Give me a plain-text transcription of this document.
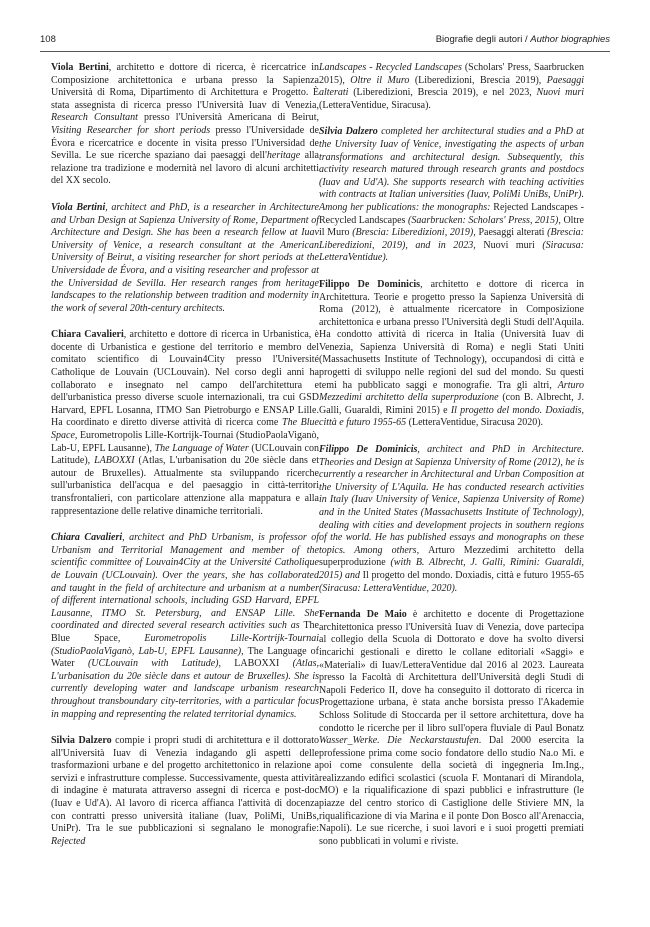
108	Biografie degli autori / Author biographies

Viola Bertini, architetto e dottore di ricerca, è ricercatrice in Composizione architettonica e urbana presso la Sapienza Università di Roma, Dipartimento di Architettura e Progetto. È stata assegnista di ricerca presso l'Università Iuav di Venezia, Research Consultant presso l'Università Americana di Beirut, Visiting Researcher for short periods presso l'Universidade de Évora e ricercatrice e docente in visita presso l'Universidad de Sevilla. Le sue ricerche spaziano dai paesaggi dell'heritage alla relazione tra tradizione e modernità nel lavoro di alcuni architetti del XX secolo.

Viola Bertini, architect and PhD, is a researcher in Architecture and Urban Design at Sapienza University of Rome, Department of Architecture and Design. She has been a research fellow at Iuav University of Venice, a research consultant at the American University of Beirut, a visiting researcher for short periods at the Universidade de Évora, and a visiting researcher and professor at the Universidad de Sevilla. Her research ranges from heritage landscapes to the relationship between tradition and modernity in the work of several 20th-century architects.

Chiara Cavalieri, architetto e dottore di ricerca in Urbanistica, è docente di Urbanistica e gestione del territorio e membro del comitato scientifico di Louvain4City presso l'Université Catholique de Louvain (UCLouvain). Nel corso degli anni ha collaborato e insegnato nel campo dell'architettura e dell'urbanistica presso diverse scuole internazionali, tra cui GSD Harvard, EPFL Losanna, ITMO San Pietroburgo e ENSAP Lille. Ha coordinato e diretto diverse attività di ricerca come The Blue Space, Eurometropolis Lille-Kortrijk-Tournai (StudioPaolaViganò, Lab-U, EPFL Lausanne), The Language of Water (UCLouvain con Latitude), LABOXXI (Atlas, L'urbanisation du 20e siècle dans et autour de Bruxelles). Attualmente sta sviluppando ricerche sull'urbanistica dell'acqua e del paesaggio in città-territori transfrontalieri, con particolare attenzione alla mappatura e alla rappresentazione delle relative dinamiche territoriali.

Chiara Cavalieri, architect and PhD Urbanism, is professor of Urbanism and Territorial Management and member of the scientific committee of Louvain4City at the Université Catholique de Louvain (UCLouvain). Over the years, she has collaborated and taught in the field of architecture and urbanism at a number of different international schools, including GSD Harvard, EPFL Lausanne, ITMO St. Petersburg, and ENSAP Lille. She coordinated and directed several research activities such as The Blue Space, Eurometropolis Lille-Kortrijk-Tournai (StudioPaolaViganò, Lab-U, EPFL Lausanne), The Language of Water (UCLouvain with Latitude), LABOXXI (Atlas, L'urbanisation du 20e siècle dans et autour de Bruxelles). She is currently developing water and landscape urbanism research throughout transboundary city-territories, with a particular focus in mapping and representing the related territorial dynamics.

Silvia Dalzero compie i propri studi di architettura e il dottorato all'Università Iuav di Venezia indagando gli aspetti delle trasformazioni urbane e del progetto architettonico in relazione a servizi e infrastrutture complesse. Successivamente, questa attività di indagine è maturata attraverso assegni di ricerca e post-doc (Iuav e Ud'A). Al lavoro di ricerca affianca l'attività di docenza con contratti presso università italiane (Iuav, PoliMi, UniBs, UniPr). Tra le sue pubblicazioni si segnalano le monografie: Rejected

Landscapes - Recycled Landscapes (Scholars' Press, Saarbrucken 2015), Oltre il Muro (Liberedizioni, Brescia 2019), Paesaggi alterati (Liberedizioni, Brescia 2019), e nel 2023, Nuovi muri (LetteraVentidue, Siracusa).

Silvia Dalzero completed her architectural studies and a PhD at the University Iuav of Venice, investigating the aspects of urban transformations and architectural design. Subsequently, this activity research matured through research grants and postdocs (Iuav and Ud'A). She supports research with teaching activities with contracts at Italian universities (Iuav, PoliMi UniBs, UniPr). Among her publications: the monographs: Rejected Landscapes - Recycled Landscapes (Saarbrucken: Scholars' Press, 2015), Oltre il Muro (Brescia: Liberedizioni, 2019), Paesaggi alterati (Brescia: Liberedizioni, 2019), and in 2023, Nuovi muri (Siracusa: LetteraVentidue).

Filippo De Dominicis, architetto e dottore di ricerca in Architettura. Teorie e progetto presso la Sapienza Università di Roma (2012), è attualmente ricercatore in Composizione architettonica e urbana presso l'Università degli Studi dell'Aquila. Ha condotto attività di ricerca in Italia (Università Iuav di Venezia, Sapienza Università di Roma) e negli Stati Uniti (Massachusetts Institute of Technology), occupandosi di città e progetti di sviluppo nelle regioni del sud del mondo. Su questi temi ha pubblicato saggi e monografie. Tra gli altri, Arturo Mezzedimi architetto della superproduzione (con B. Albrecht, J. Galli, Guaraldi, Rimini 2015) e Il progetto del mondo. Doxiadis, città e futuro 1955-65 (LetteraVentidue, Siracusa 2020).

Filippo De Dominicis, architect and PhD in Architecture. Theories and Design at Sapienza University of Rome (2012), he is currently a researcher in Architectural and Urban Composition at the University of L'Aquila. He has conducted research activities in Italy (Iuav University of Venice, Sapienza University of Rome) and in the United States (Massachusetts Institute of Technology), dealing with cities and development projects in southern regions of the world. He has published essays and monographs on these topics. Among others, Arturo Mezzedimi architetto della superproduzione (with B. Albrecht, J. Galli, Rimini: Guaraldi, 2015) and Il progetto del mondo. Doxiadis, città e futuro 1955-65 (Siracusa: LetteraVentidue, 2020).

Fernanda De Maio è architetto e docente di Progettazione architettonica presso l'Università Iuav di Venezia, dove partecipa al collegio della Scuola di Dottorato e dove ha svolto diversi incarichi gestionali e diretto le collane editoriali «Saggi» e «Materiali» di Iuav/LetteraVentidue dal 2016 al 2023. Laureata presso la Facoltà di Architettura dell'Università degli Studi di Napoli Federico II, dove ha conseguito il dottorato di ricerca in Progettazione urbana, è stata anche borsista presso l'Akademie Schloss Solitude di Stoccarda per il settore architettura, dove ha condotto le ricerche per il libro sull'opera fluviale di Paul Bonatz Wasser_Werke. Die Neckarstaustufen. Dal 2000 esercita la professione prima come socio fondatore dello studio Na.o Mi. e poi come consulente della società di ingegneria Im.Ing., realizzando edifici scolastici (scuola F. Montanari di Mirandola, MO) e la riqualificazione di spazi pubblici e infrastrutture (le piazze del centro storico di Castiglione delle Stiviere MN, la riqualificazione di via Marina e il ponte Don Bosco all'Arenaccia, Napoli). Le sue ricerche, i suoi lavori e i suoi progetti premiati sono pubblicati in volumi e riviste.
